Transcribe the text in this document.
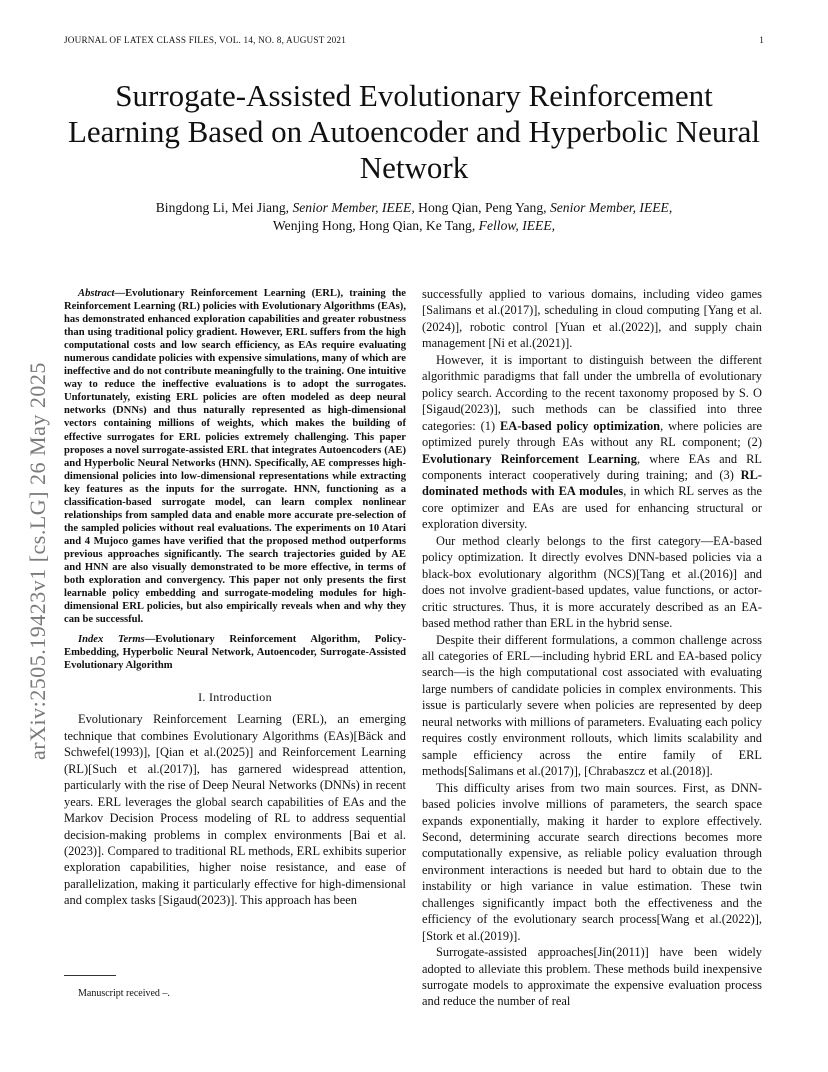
JOURNAL OF LATEX CLASS FILES, VOL. 14, NO. 8, AUGUST 2021	1
Surrogate-Assisted Evolutionary Reinforcement Learning Based on Autoencoder and Hyperbolic Neural Network
Bingdong Li, Mei Jiang, Senior Member, IEEE, Hong Qian, Peng Yang, Senior Member, IEEE,
Wenjing Hong, Hong Qian, Ke Tang, Fellow, IEEE,
arXiv:2505.19423v1 [cs.LG] 26 May 2025

Abstract—Evolutionary Reinforcement Learning (ERL), training the Reinforcement Learning (RL) policies with Evolutionary Algorithms (EAs), has demonstrated enhanced exploration capabilities and greater robustness than using traditional policy gradient. However, ERL suffers from the high computational costs and low search efficiency, as EAs require evaluating numerous candidate policies with expensive simulations, many of which are ineffective and do not contribute meaningfully to the training. One intuitive way to reduce the ineffective evaluations is to adopt the surrogates. Unfortunately, existing ERL policies are often modeled as deep neural networks (DNNs) and thus naturally represented as high-dimensional vectors containing millions of weights, which makes the building of effective surrogates for ERL policies extremely challenging. This paper proposes a novel surrogate-assisted ERL that integrates Autoencoders (AE) and Hyperbolic Neural Networks (HNN). Specifically, AE compresses high-dimensional policies into low-dimensional representations while extracting key features as the inputs for the surrogate. HNN, functioning as a classification-based surrogate model, can learn complex nonlinear relationships from sampled data and enable more accurate pre-selection of the sampled policies without real evaluations. The experiments on 10 Atari and 4 Mujoco games have verified that the proposed method outperforms previous approaches significantly. The search trajectories guided by AE and HNN are also visually demonstrated to be more effective, in terms of both exploration and convergency. This paper not only presents the first learnable policy embedding and surrogate-modeling modules for high-dimensional ERL policies, but also empirically reveals when and why they can be successful.

Index Terms—Evolutionary Reinforcement Algorithm, Policy-Embedding, Hyperbolic Neural Network, Autoencoder, Surrogate-Assisted Evolutionary Algorithm

I. Introduction

Evolutionary Reinforcement Learning (ERL), an emerging technique that combines Evolutionary Algorithms (EAs)[Bäck and Schwefel(1993)], [Qian et al.(2025)] and Reinforcement Learning (RL)[Such et al.(2017)], has garnered widespread attention, particularly with the rise of Deep Neural Networks (DNNs) in recent years. ERL leverages the global search capabilities of EAs and the Markov Decision Process modeling of RL to address sequential decision-making problems in complex environments [Bai et al.(2023)]. Compared to traditional RL methods, ERL exhibits superior exploration capabilities, higher noise resistance, and ease of parallelization, making it particularly effective for high-dimensional and complex tasks [Sigaud(2023)]. This approach has been

successfully applied to various domains, including video games [Salimans et al.(2017)], scheduling in cloud computing [Yang et al.(2024)], robotic control [Yuan et al.(2022)], and supply chain management [Ni et al.(2021)].

However, it is important to distinguish between the different algorithmic paradigms that fall under the umbrella of evolutionary policy search. According to the recent taxonomy proposed by S. O [Sigaud(2023)], such methods can be classified into three categories: (1) EA-based policy optimization, where policies are optimized purely through EAs without any RL component; (2) Evolutionary Reinforcement Learning, where EAs and RL components interact cooperatively during training; and (3) RL-dominated methods with EA modules, in which RL serves as the core optimizer and EAs are used for enhancing structural or exploration diversity.

Our method clearly belongs to the first category—EA-based policy optimization. It directly evolves DNN-based policies via a black-box evolutionary algorithm (NCS)[Tang et al.(2016)] and does not involve gradient-based updates, value functions, or actor-critic structures. Thus, it is more accurately described as an EA-based method rather than ERL in the hybrid sense.

Despite their different formulations, a common challenge across all categories of ERL—including hybrid ERL and EA-based policy search—is the high computational cost associated with evaluating large numbers of candidate policies in complex environments. This issue is particularly severe when policies are represented by deep neural networks with millions of parameters. Evaluating each policy requires costly environment rollouts, which limits scalability and sample efficiency across the entire family of ERL methods[Salimans et al.(2017)], [Chrabaszcz et al.(2018)].

This difficulty arises from two main sources. First, as DNN-based policies involve millions of parameters, the search space expands exponentially, making it harder to explore effectively. Second, determining accurate search directions becomes more computationally expensive, as reliable policy evaluation through environment interactions is needed but hard to obtain due to the instability or high variance in value estimation. These twin challenges significantly impact both the effectiveness and the efficiency of the evolutionary search process[Wang et al.(2022)], [Stork et al.(2019)].

Surrogate-assisted approaches[Jin(2011)] have been widely adopted to alleviate this problem. These methods build inexpensive surrogate models to approximate the expensive evaluation process and reduce the number of real

Manuscript received –.
